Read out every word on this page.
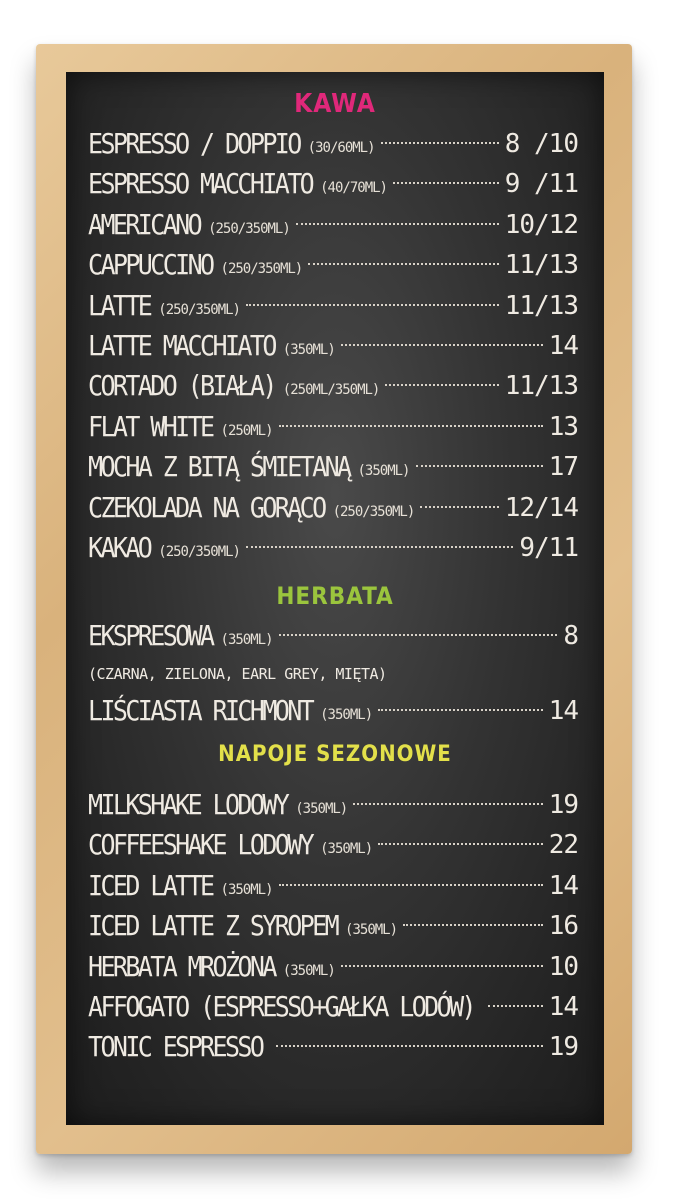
KAWA
ESPRESSO / DOPPIO (30/60ML)	8 /10
ESPRESSO MACCHIATO (40/70ML)	9 /11
AMERICANO (250/350ML)	10/12
CAPPUCCINO (250/350ML)	11/13
LATTE (250/350ML)	11/13
LATTE MACCHIATO (350ML)	14
CORTADO (BIAŁA) (250ML/350ML)	11/13
FLAT WHITE (250ML)	13
MOCHA Z BITĄ ŚMIETANĄ (350ML)	17
CZEKOLADA NA GORĄCO (250/350ML)	12/14
KAKAO (250/350ML)	9/11
HERBATA
EKSPRESOWA (350ML)	8
(CZARNA, ZIELONA, EARL GREY, MIĘTA)
LIŚCIASTA RICHMONT (350ML)	14
NAPOJE SEZONOWE
MILKSHAKE LODOWY (350ML)	19
COFFEESHAKE LODOWY (350ML)	22
ICED LATTE (350ML)	14
ICED LATTE Z SYROPEM (350ML)	16
HERBATA MROŻONA (350ML)	10
AFFOGATO (ESPRESSO+GAŁKA LODÓW)	14
TONIC ESPRESSO	19
